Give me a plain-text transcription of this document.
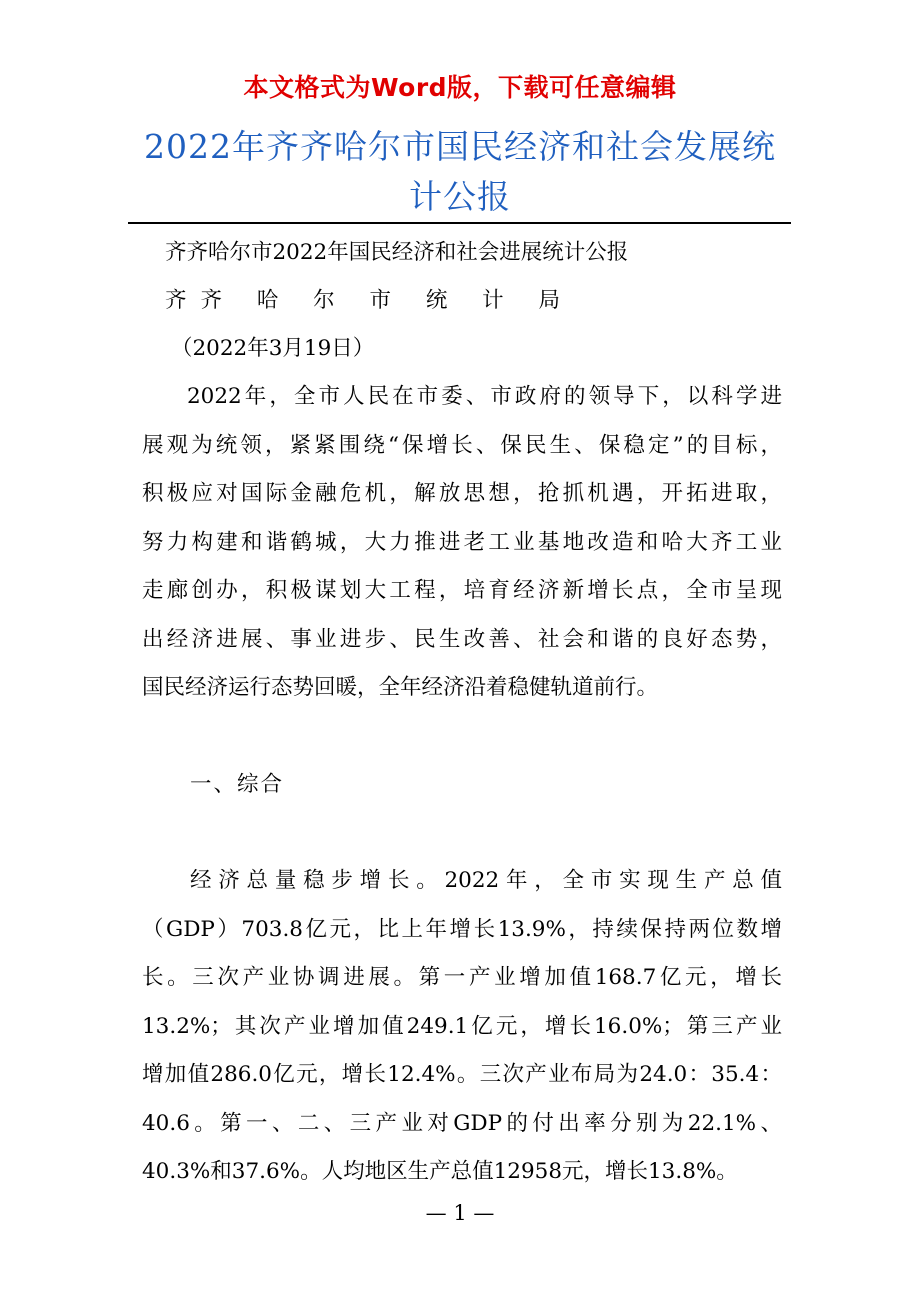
本文格式为Word版，下载可任意编辑
2022年齐齐哈尔市国民经济和社会发展统
计公报
齐齐哈尔市2022年国民经济和社会进展统计公报
齐齐 哈 尔 市 统 计 局
（2022年3月19日）
2022年，全市人民在市委、市政府的领导下，以科学进
展观为统领，紧紧围绕“保增长、保民生、保稳定”的目标，
积极应对国际金融危机，解放思想，抢抓机遇，开拓进取，
努力构建和谐鹤城，大力推进老工业基地改造和哈大齐工业
走廊创办，积极谋划大工程，培育经济新增长点，全市呈现
出经济进展、事业进步、民生改善、社会和谐的良好态势，
国民经济运行态势回暖，全年经济沿着稳健轨道前行。
一、综合
经济总量稳步增长。2022年，全市实现生产总值
（GDP）703.8亿元，比上年增长13.9%，持续保持两位数增
长。三次产业协调进展。第一产业增加值168.7亿元，增长
13.2%；其次产业增加值249.1亿元，增长16.0%；第三产业
增加值286.0亿元，增长12.4%。三次产业布局为24.0：35.4：
40.6。第一、二、三产业对GDP的付出率分别为22.1%、
40.3%和37.6%。人均地区生产总值12958元，增长13.8%。
— 1 —
